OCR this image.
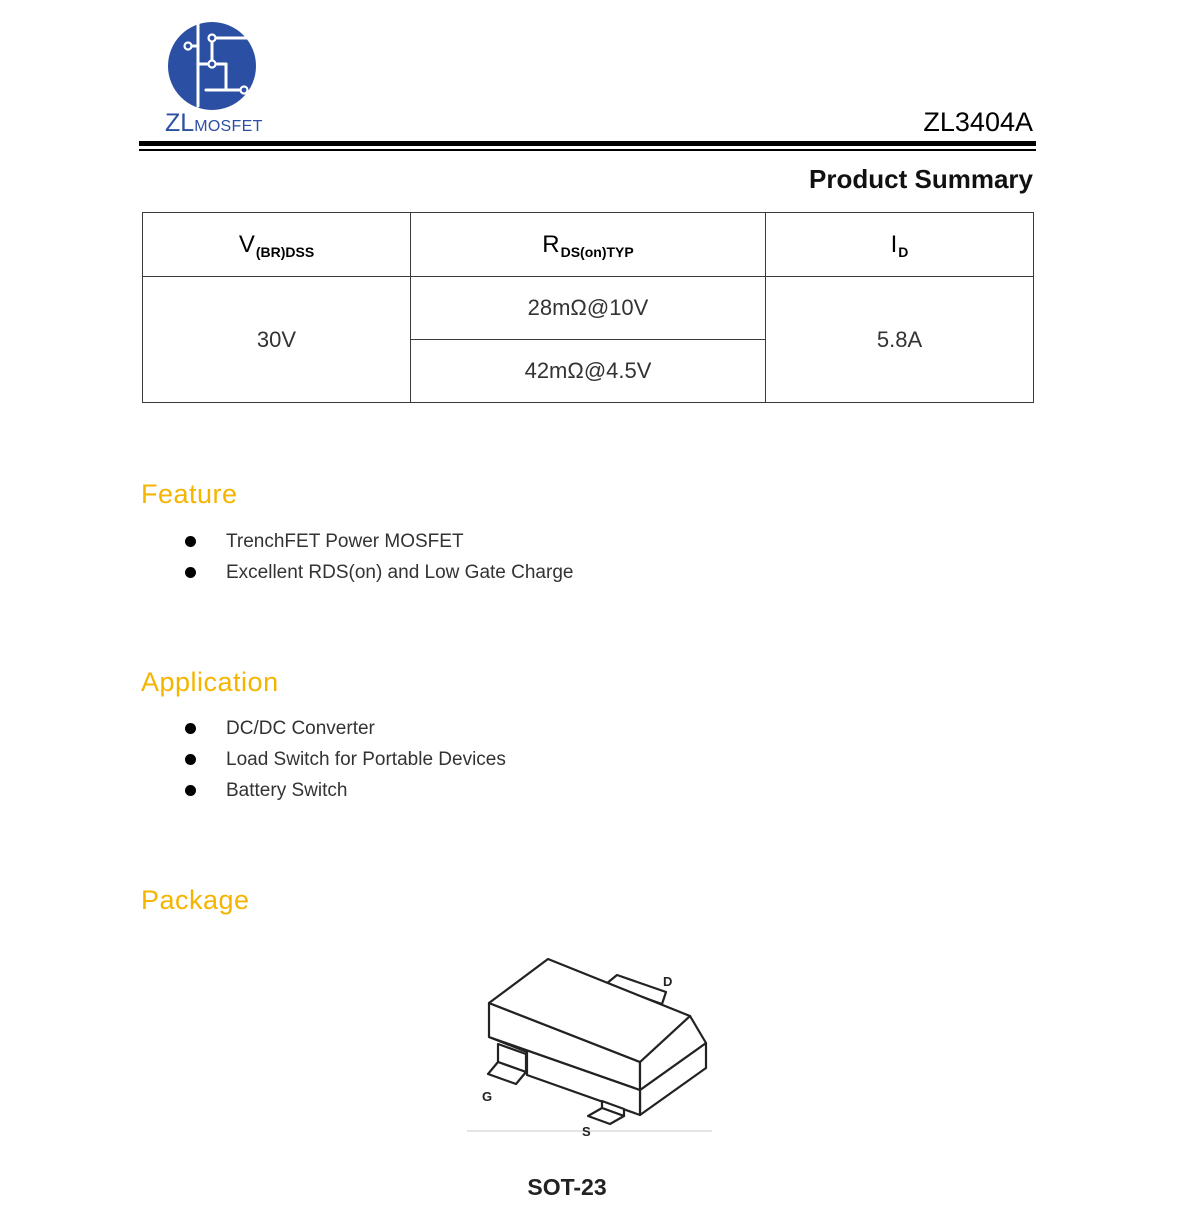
ZL MOSFET	ZL3404A
Product Summary
$V_{(BR)DSS}$	$R_{DS(on)TYP}$	$I_D$
30V	28mΩ@10V	5.8A
	42mΩ@4.5V	
Feature
TrenchFET Power MOSFET
Excellent RDS(on) and Low Gate Charge
Application
DC/DC Converter
Load Switch for Portable Devices
Battery Switch
Package
D
G
S
SOT-23
